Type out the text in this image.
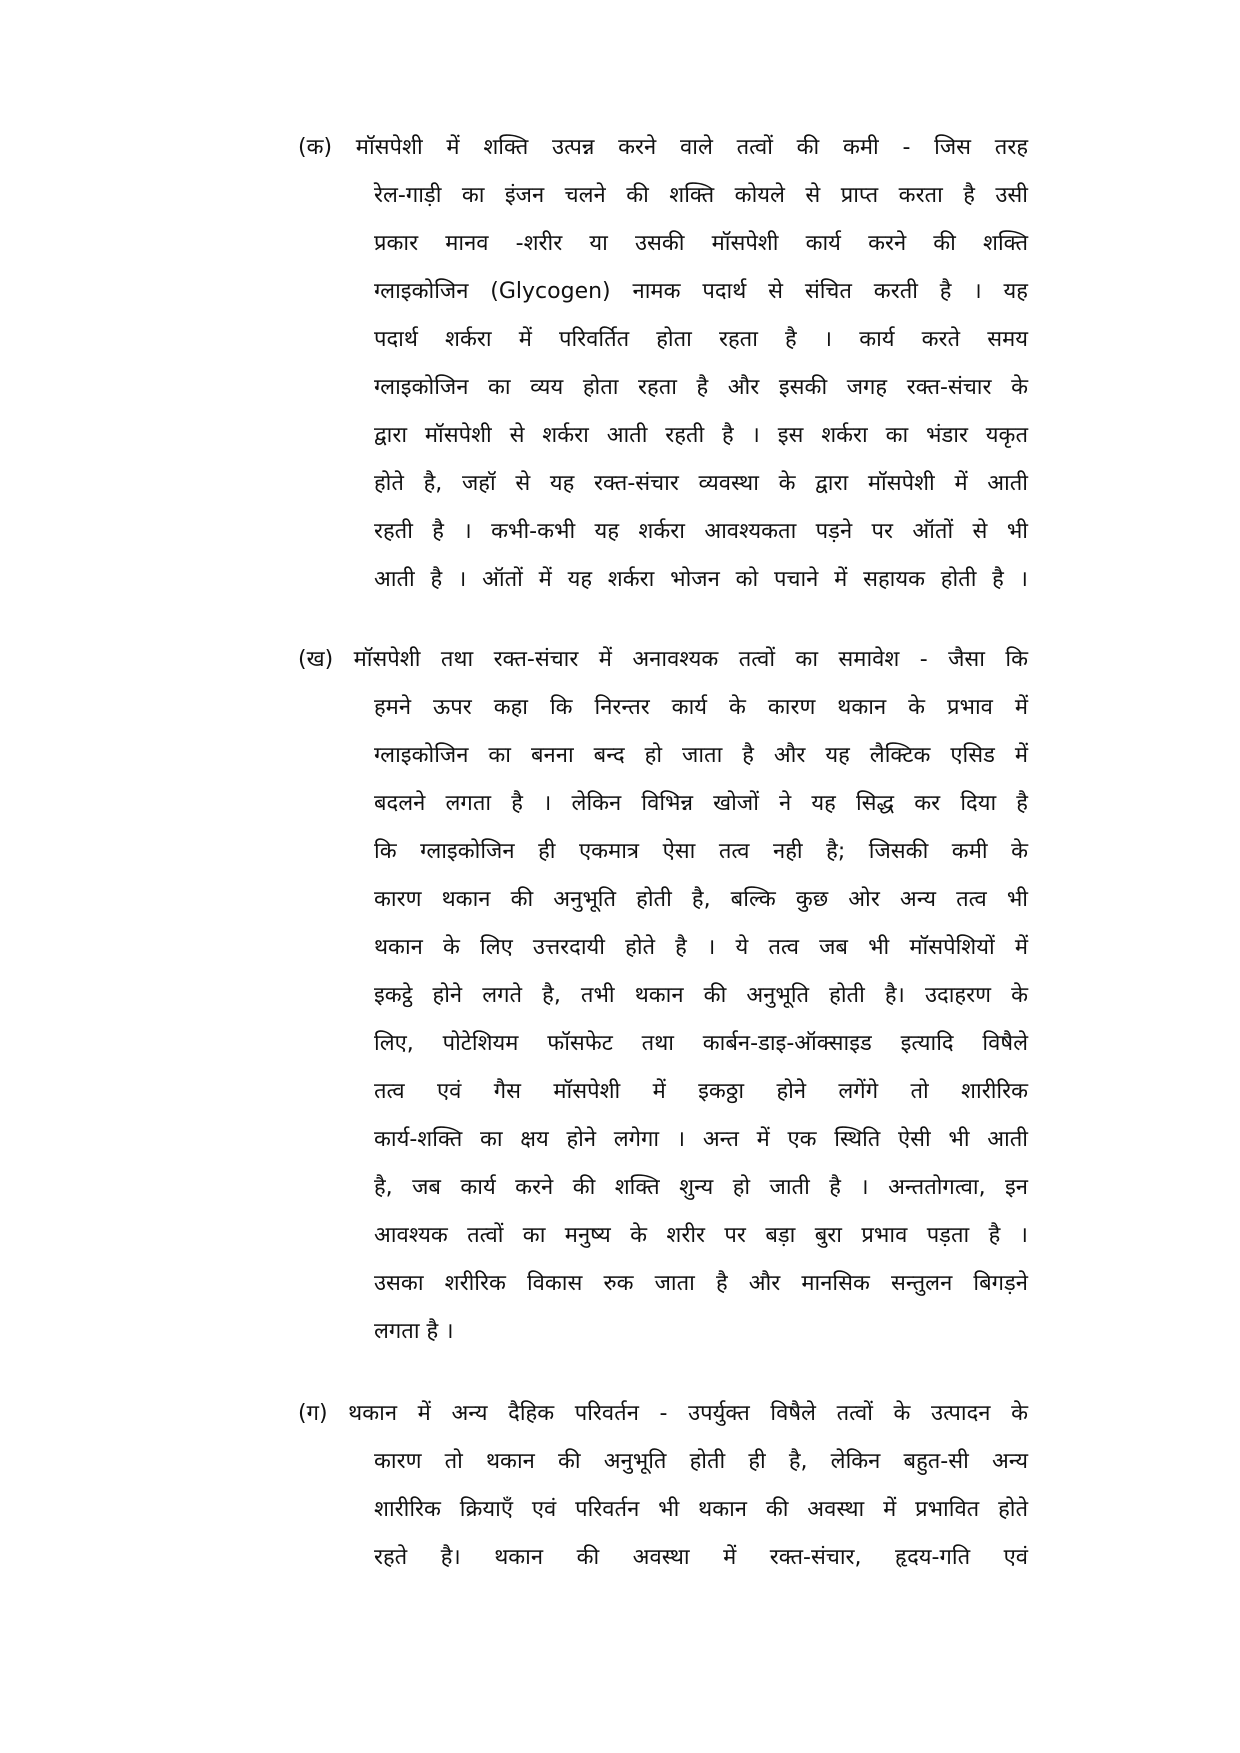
(क) मॉसपेशी में शक्ति उत्पन्न करने वाले तत्वों की कमी - जिस तरह
रेल-गाड़ी का इंजन चलने की शक्ति कोयले से प्राप्त करता है उसी
प्रकार मानव -शरीर या उसकी मॉसपेशी कार्य करने की शक्ति
ग्लाइकोजिन (Glycogen) नामक पदार्थ से संचित करती है । यह
पदार्थ शर्करा में परिवर्तित होता रहता है । कार्य करते समय
ग्लाइकोजिन का व्यय होता रहता है और इसकी जगह रक्त-संचार के
द्वारा मॉसपेशी से शर्करा आती रहती है । इस शर्करा का भंडार यकृत
होते है, जहॉ से यह रक्त-संचार व्यवस्था के द्वारा मॉसपेशी में आती
रहती है । कभी-कभी यह शर्करा आवश्यकता पड़ने पर ऑतों से भी
आती है । ऑतों में यह शर्करा भोजन को पचाने में सहायक होती है ।
(ख) मॉसपेशी तथा रक्त-संचार में अनावश्यक तत्वों का समावेश - जैसा कि
हमने ऊपर कहा कि निरन्तर कार्य के कारण थकान के प्रभाव में
ग्लाइकोजिन का बनना बन्द हो जाता है और यह लैक्टिक एसिड में
बदलने लगता है । लेकिन विभिन्न खोजों ने यह सिद्ध कर दिया है
कि ग्लाइकोजिन ही एकमात्र ऐसा तत्व नही है; जिसकी कमी के
कारण थकान की अनुभूति होती है, बल्कि कुछ ओर अन्य तत्व भी
थकान के लिए उत्तरदायी होते है । ये तत्व जब भी मॉसपेशियों में
इकट्ठे होने लगते है, तभी थकान की अनुभूति होती है। उदाहरण के
लिए, पोटेशियम फॉसफेट तथा कार्बन-डाइ-ऑक्साइड इत्यादि विषैले
तत्व एवं गैस मॉसपेशी में इकठ्ठा होने लगेंगे तो शारीरिक
कार्य-शक्ति का क्षय होने लगेगा । अन्त में एक स्थिति ऐसी भी आती
है, जब कार्य करने की शक्ति शुन्य हो जाती है । अन्ततोगत्वा, इन
आवश्यक तत्वों का मनुष्य के शरीर पर बड़ा बुरा प्रभाव पड़ता है ।
उसका शरीरिक विकास रुक जाता है और मानसिक सन्तुलन बिगड़ने
लगता है ।
(ग) थकान में अन्य दैहिक परिवर्तन - उपर्युक्त विषैले तत्वों के उत्पादन के
कारण तो थकान की अनुभूति होती ही है, लेकिन बहुत-सी अन्य
शारीरिक क्रियाएँ एवं परिवर्तन भी थकान की अवस्था में प्रभावित होते
रहते है। थकान की अवस्था में रक्त-संचार, हृदय-गति एवं
